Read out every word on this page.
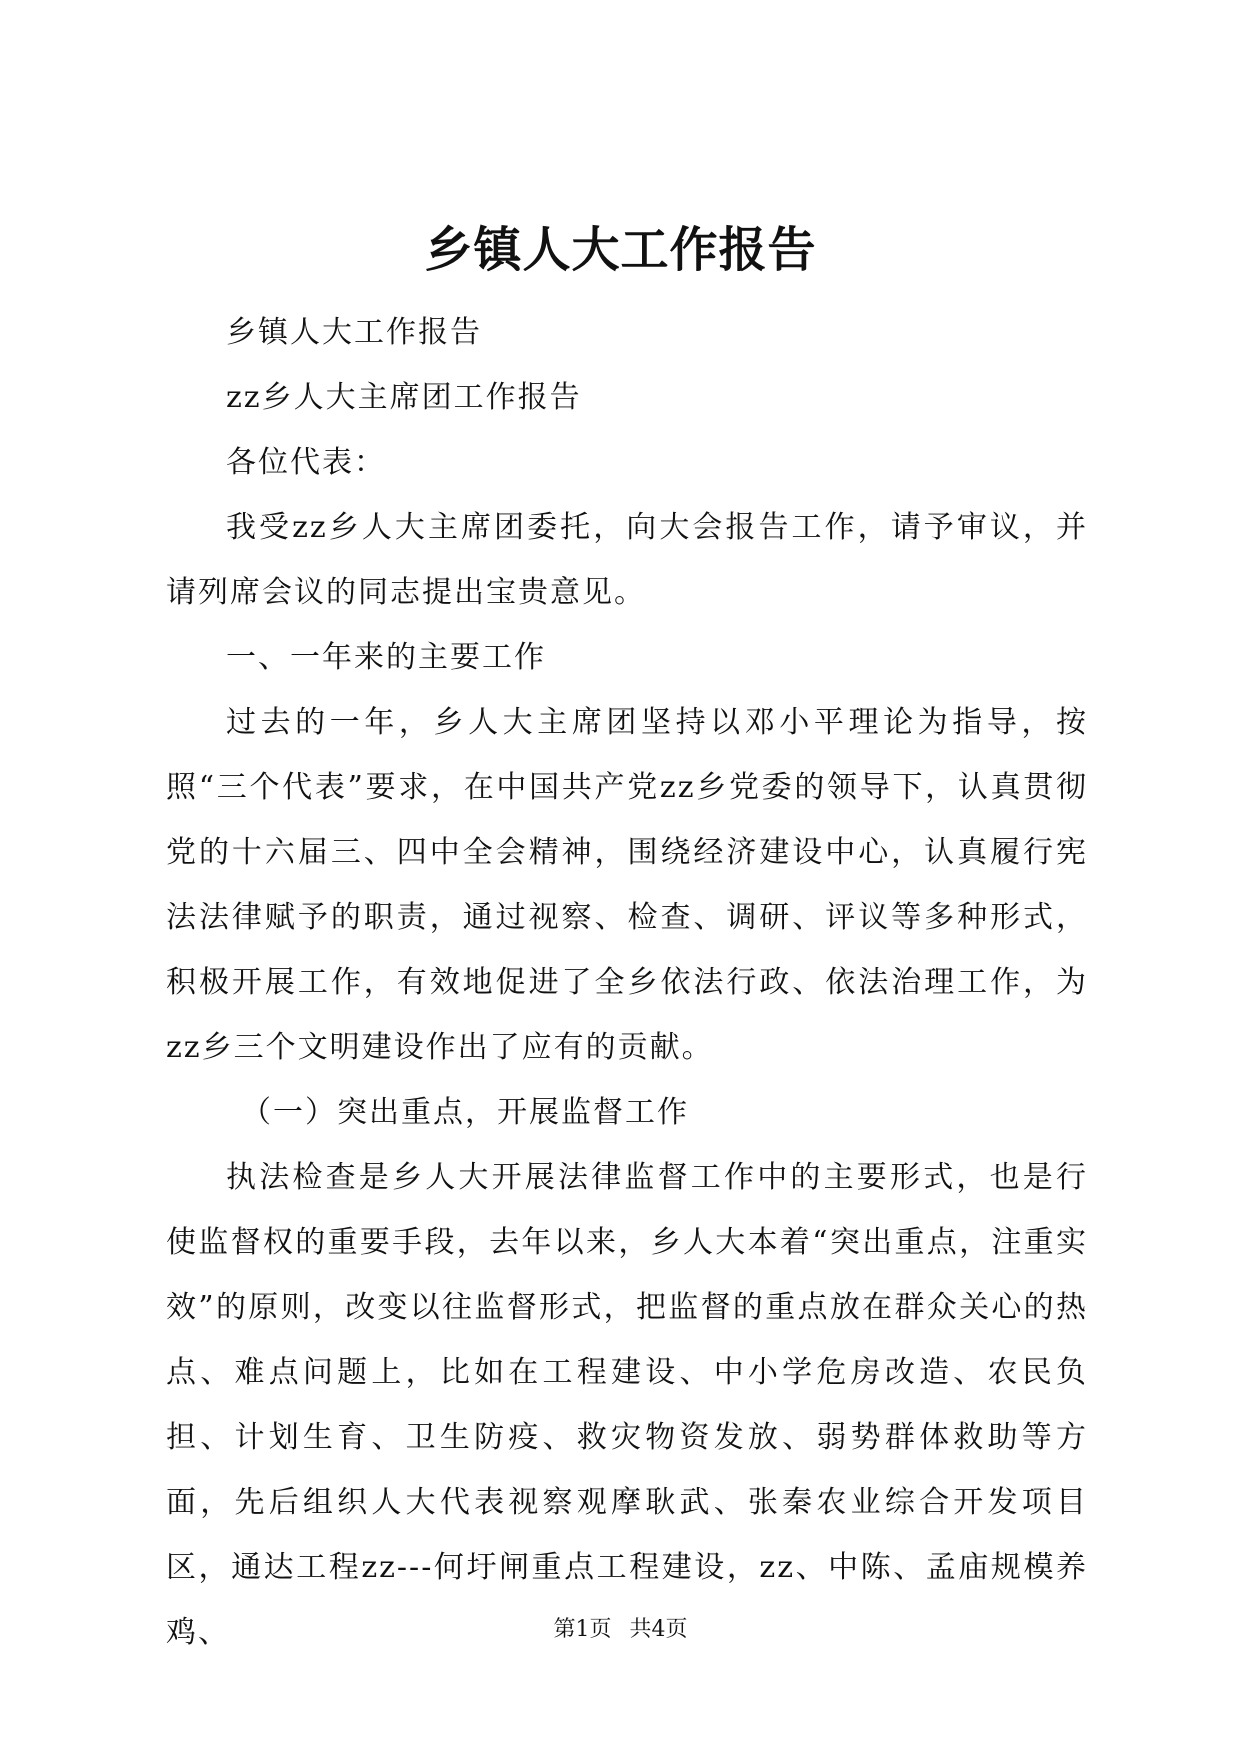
乡镇人大工作报告

乡镇人大工作报告

zz乡人大主席团工作报告

各位代表：

我受zz乡人大主席团委托，向大会报告工作，请予审议，并请列席会议的同志提出宝贵意见。

一、一年来的主要工作

过去的一年，乡人大主席团坚持以邓小平理论为指导，按照“三个代表”要求，在中国共产党zz乡党委的领导下，认真贯彻党的十六届三、四中全会精神，围绕经济建设中心，认真履行宪法法律赋予的职责，通过视察、检查、调研、评议等多种形式，积极开展工作，有效地促进了全乡依法行政、依法治理工作，为zz乡三个文明建设作出了应有的贡献。

（一）突出重点，开展监督工作

执法检查是乡人大开展法律监督工作中的主要形式，也是行使监督权的重要手段，去年以来，乡人大本着“突出重点，注重实效”的原则，改变以往监督形式，把监督的重点放在群众关心的热点、难点问题上，比如在工程建设、中小学危房改造、农民负担、计划生育、卫生防疫、救灾物资发放、弱势群体救助等方面，先后组织人大代表视察观摩耿武、张秦农业综合开发项目区，通达工程zz---何圩闸重点工程建设，zz、中陈、孟庙规模养鸡、	第1页 共4页
